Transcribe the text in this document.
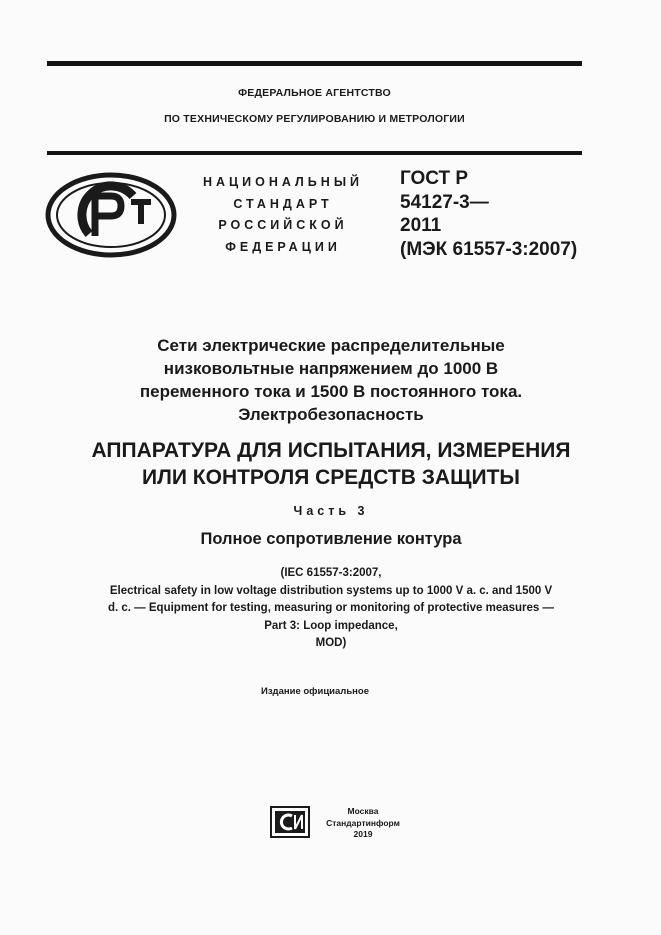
ФЕДЕРАЛЬНОЕ АГЕНТСТВО
ПО ТЕХНИЧЕСКОМУ РЕГУЛИРОВАНИЮ И МЕТРОЛОГИИ
НАЦИОНАЛЬНЫЙ
СТАНДАРТ
РОССИЙСКОЙ
ФЕДЕРАЦИИ
ГОСТ Р
54127-3—
2011
(МЭК 61557-3:2007)
Сети электрические распределительные
низковольтные напряжением до 1000 В
переменного тока и 1500 В постоянного тока.
Электробезопасность
АППАРАТУРА ДЛЯ ИСПЫТАНИЯ, ИЗМЕРЕНИЯ
ИЛИ КОНТРОЛЯ СРЕДСТВ ЗАЩИТЫ
Часть 3
Полное сопротивление контура
(IEC 61557-3:2007,
Electrical safety in low voltage distribution systems up to 1000 V a. c. and 1500 V
d. c. — Equipment for testing, measuring or monitoring of protective measures —
Part 3: Loop impedance,
MOD)
Издание официальное
Москва
Стандартинформ
2019
